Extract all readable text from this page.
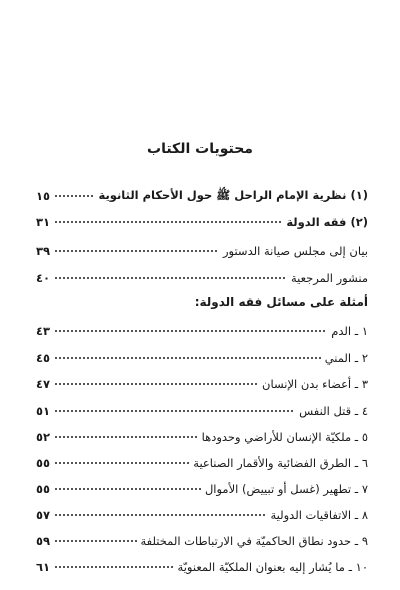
محتويات الكتاب
(١) نظرية الإمام الراحل ﷺ حول الأحكام الثانوية
١٥
(٢) فقه الدولة
٣١
بيان إلى مجلس صيانة الدستور
٣٩
منشور المرجعية
٤٠
أمثلة على مسائل فقه الدولة:
١ ـ الدم
٤٣
٢ ـ المني
٤٥
٣ ـ أعضاء بدن الإنسان
٤٧
٤ ـ قتل النفس
٥١
٥ ـ ملكيّة الإنسان للأراضي وحدودها
٥٢
٦ ـ الطرق الفضائية والأقمار الصناعية
٥٥
٧ ـ تطهير (غسل أو تبييض) الأموال
٥٥
٨ ـ الاتفاقيات الدولية
٥٧
٩ ـ حدود نطاق الحاكميّة في الارتباطات المختلفة
٥٩
١٠ ـ ما يُشار إليه بعنوان الملكيّة المعنويّة
٦١
